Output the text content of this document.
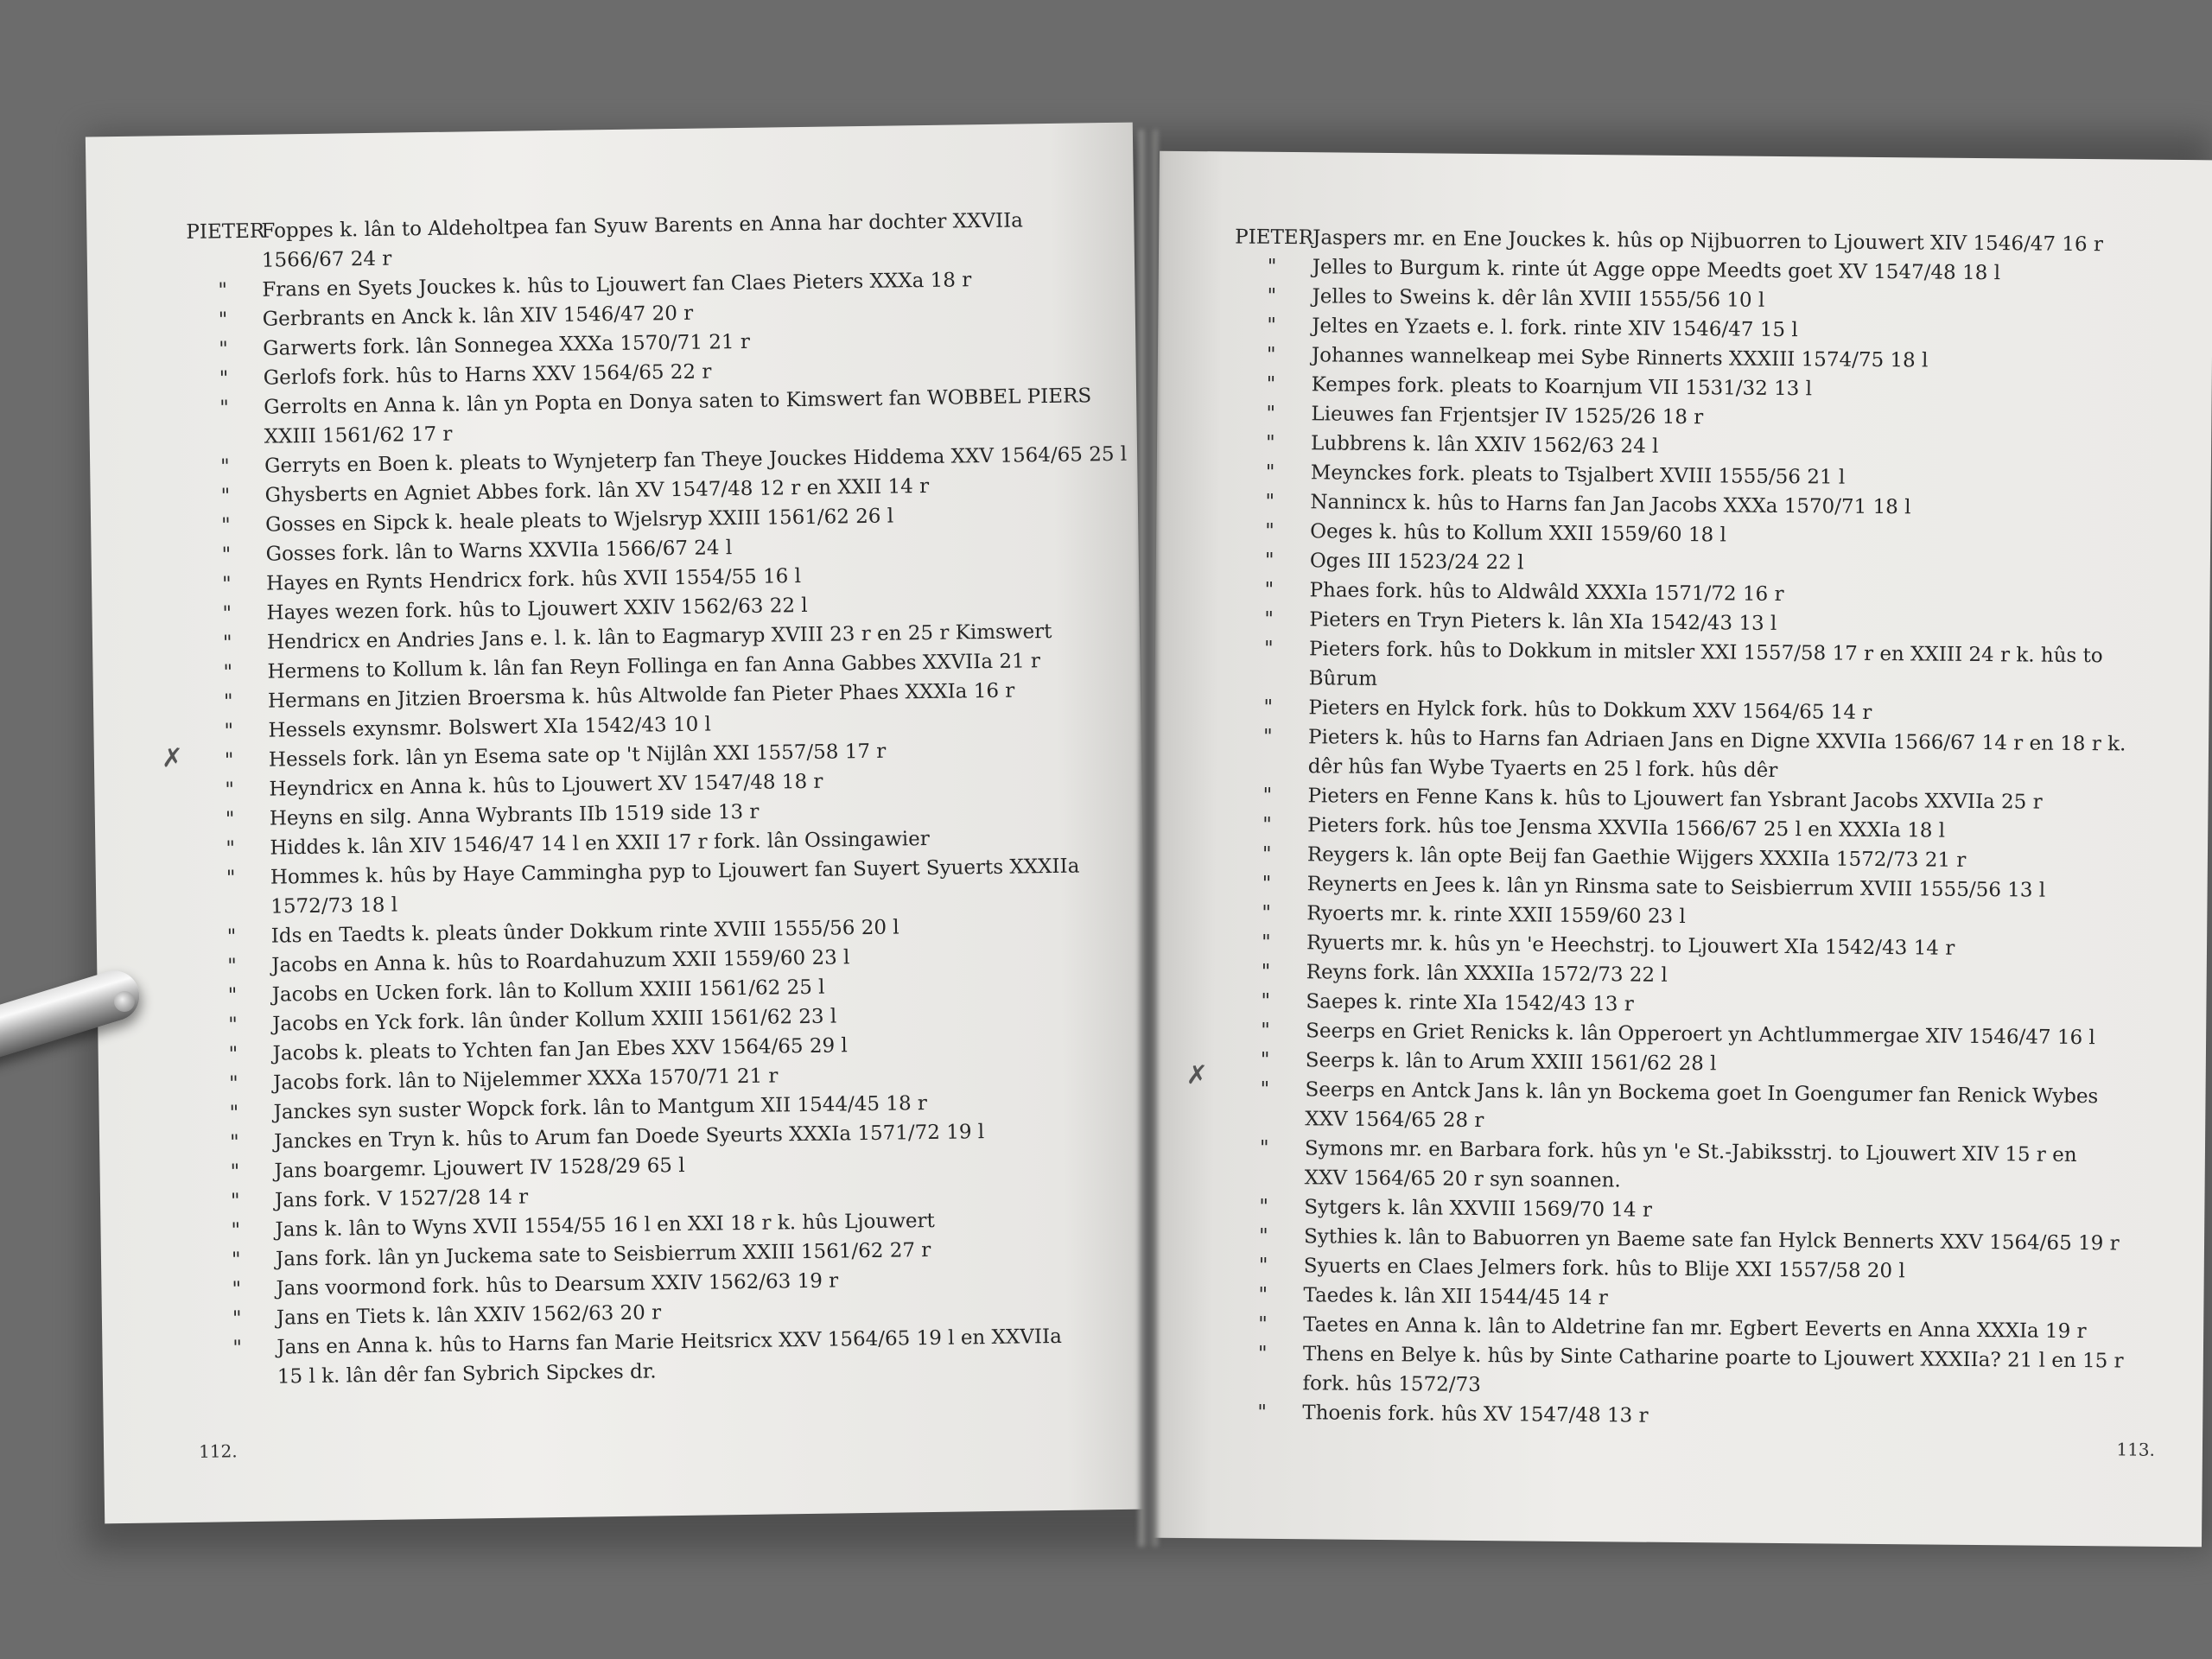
PIETER
Foppes k. lân to Aldeholtpea fan Syuw Barents en Anna har dochter XXVIIa
1566/67 24 r
" Frans en Syets Jouckes k. hûs to Ljouwert fan Claes Pieters XXXa 18 r
" Gerbrants en Anck k. lân XIV 1546/47 20 r
" Garwerts fork. lân Sonnegea XXXa 1570/71 21 r
" Gerlofs fork. hûs to Harns XXV 1564/65 22 r
" Gerrolts en Anna k. lân yn Popta en Donya saten to Kimswert fan WOBBEL PIERS
XXIII 1561/62 17 r
" Gerryts en Boen k. pleats to Wynjeterp fan Theye Jouckes Hiddema XXV 1564/65 25 l
" Ghysberts en Agniet Abbes fork. lân XV 1547/48 12 r en XXII 14 r
" Gosses en Sipck k. heale pleats to Wjelsryp XXIII 1561/62 26 l
" Gosses fork. lân to Warns XXVIIa 1566/67 24 l
" Hayes en Rynts Hendricx fork. hûs XVII 1554/55 16 l
" Hayes wezen fork. hûs to Ljouwert XXIV 1562/63 22 l
" Hendricx en Andries Jans e. l. k. lân to Eagmaryp XVIII 23 r en 25 r Kimswert
" Hermens to Kollum k. lân fan Reyn Follinga en fan Anna Gabbes XXVIIa 21 r
" Hermans en Jitzien Broersma k. hûs Altwolde fan Pieter Phaes XXXIa 16 r
" Hessels exynsmr. Bolswert XIa 1542/43 10 l
" Hessels fork. lân yn Esema sate op 't Nijlân XXI 1557/58 17 r
" Heyndricx en Anna k. hûs to Ljouwert XV 1547/48 18 r
" Heyns en silg. Anna Wybrants IIb 1519 side 13 r
" Hiddes k. lân XIV 1546/47 14 l en XXII 17 r fork. lân Ossingawier
" Hommes k. hûs by Haye Cammingha pyp to Ljouwert fan Suyert Syuerts XXXIIa
1572/73 18 l
" Ids en Taedts k. pleats ûnder Dokkum rinte XVIII 1555/56 20 l
" Jacobs en Anna k. hûs to Roardahuzum XXII 1559/60 23 l
" Jacobs en Ucken fork. lân to Kollum XXIII 1561/62 25 l
" Jacobs en Yck fork. lân ûnder Kollum XXIII 1561/62 23 l
" Jacobs k. pleats to Ychten fan Jan Ebes XXV 1564/65 29 l
" Jacobs fork. lân to Nijelemmer XXXa 1570/71 21 r
" Janckes syn suster Wopck fork. lân to Mantgum XII 1544/45 18 r
" Janckes en Tryn k. hûs to Arum fan Doede Syeurts XXXIa 1571/72 19 l
" Jans boargemr. Ljouwert IV 1528/29 65 l
" Jans fork. V 1527/28 14 r
" Jans k. lân to Wyns XVII 1554/55 16 l en XXI 18 r k. hûs Ljouwert
" Jans fork. lân yn Juckema sate to Seisbierrum XXIII 1561/62 27 r
" Jans voormond fork. hûs to Dearsum XXIV 1562/63 19 r
" Jans en Tiets k. lân XXIV 1562/63 20 r
" Jans en Anna k. hûs to Harns fan Marie Heitsricx XXV 1564/65 19 l en XXVIIa
15 l k. lân dêr fan Sybrich Sipckes dr.
✗
112.
PIETER
Jaspers mr. en Ene Jouckes k. hûs op Nijbuorren to Ljouwert XIV 1546/47 16 r
" Jelles to Burgum k. rinte út Agge oppe Meedts goet XV 1547/48 18 l
" Jelles to Sweins k. dêr lân XVIII 1555/56 10 l
" Jeltes en Yzaets e. l. fork. rinte XIV 1546/47 15 l
" Johannes wannelkeap mei Sybe Rinnerts XXXIII 1574/75 18 l
" Kempes fork. pleats to Koarnjum VII 1531/32 13 l
" Lieuwes fan Frjentsjer IV 1525/26 18 r
" Lubbrens k. lân XXIV 1562/63 24 l
" Meynckes fork. pleats to Tsjalbert XVIII 1555/56 21 l
" Nannincx k. hûs to Harns fan Jan Jacobs XXXa 1570/71 18 l
" Oeges k. hûs to Kollum XXII 1559/60 18 l
" Oges III 1523/24 22 l
" Phaes fork. hûs to Aldwâld XXXIa 1571/72 16 r
" Pieters en Tryn Pieters k. lân XIa 1542/43 13 l
" Pieters fork. hûs to Dokkum in mitsler XXI 1557/58 17 r en XXIII 24 r k. hûs to
Bûrum
" Pieters en Hylck fork. hûs to Dokkum XXV 1564/65 14 r
" Pieters k. hûs to Harns fan Adriaen Jans en Digne XXVIIa 1566/67 14 r en 18 r k.
dêr hûs fan Wybe Tyaerts en 25 l fork. hûs dêr
" Pieters en Fenne Kans k. hûs to Ljouwert fan Ysbrant Jacobs XXVIIa 25 r
" Pieters fork. hûs toe Jensma XXVIIa 1566/67 25 l en XXXIa 18 l
" Reygers k. lân opte Beij fan Gaethie Wijgers XXXIIa 1572/73 21 r
" Reynerts en Jees k. lân yn Rinsma sate to Seisbierrum XVIII 1555/56 13 l
" Ryoerts mr. k. rinte XXII 1559/60 23 l
" Ryuerts mr. k. hûs yn 'e Heechstrj. to Ljouwert XIa 1542/43 14 r
" Reyns fork. lân XXXIIa 1572/73 22 l
" Saepes k. rinte XIa 1542/43 13 r
" Seerps en Griet Renicks k. lân Opperoert yn Achtlummergae XIV 1546/47 16 l
" Seerps k. lân to Arum XXIII 1561/62 28 l
" Seerps en Antck Jans k. lân yn Bockema goet In Goengumer fan Renick Wybes
XXV 1564/65 28 r
" Symons mr. en Barbara fork. hûs yn 'e St.-Jabiksstrj. to Ljouwert XIV 15 r en
XXV 1564/65 20 r syn soannen.
" Sytgers k. lân XXVIII 1569/70 14 r
" Sythies k. lân to Babuorren yn Baeme sate fan Hylck Bennerts XXV 1564/65 19 r
" Syuerts en Claes Jelmers fork. hûs to Blije XXI 1557/58 20 l
" Taedes k. lân XII 1544/45 14 r
" Taetes en Anna k. lân to Aldetrine fan mr. Egbert Eeverts en Anna XXXIa 19 r
" Thens en Belye k. hûs by Sinte Catharine poarte to Ljouwert XXXIIa? 21 l en 15 r
fork. hûs 1572/73
" Thoenis fork. hûs XV 1547/48 13 r
✗
113.
